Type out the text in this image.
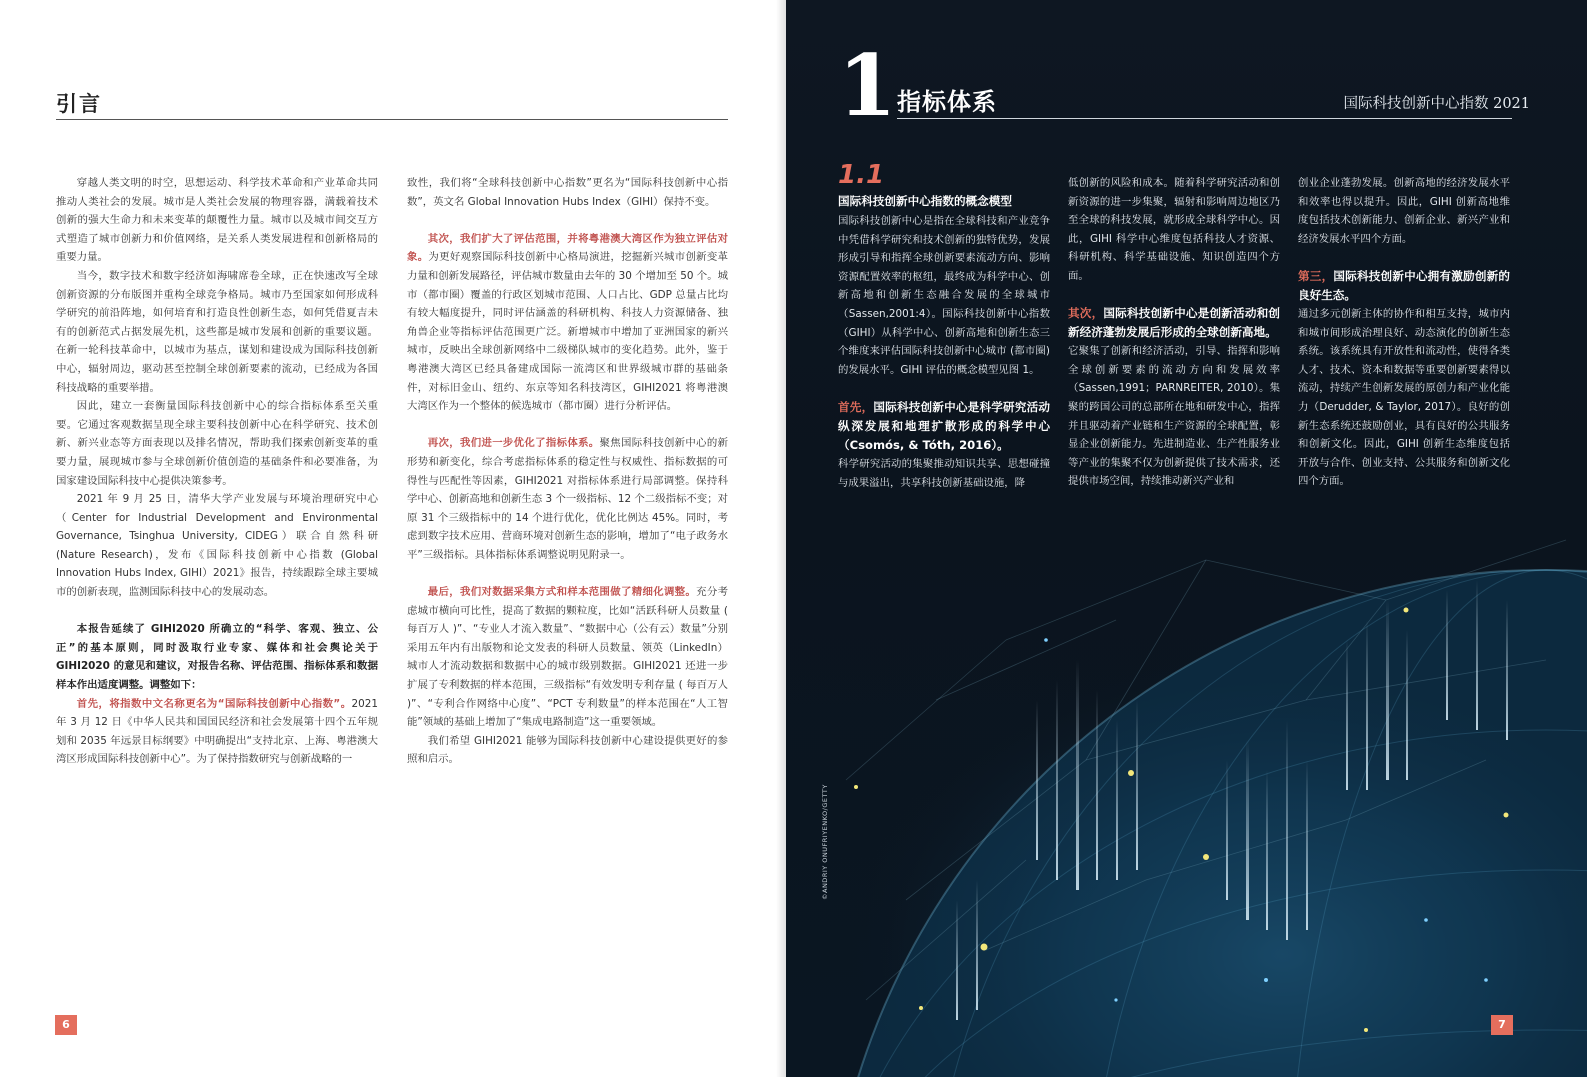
引言

穿越人类文明的时空，思想运动、科学技术革命和产业革命共同推动人类社会的发展。城市是人类社会发展的物理容器，满载着技术创新的强大生命力和未来变革的颠覆性力量。城市以及城市间交互方式塑造了城市创新力和价值网络，是关系人类发展进程和创新格局的重要力量。

当今，数字技术和数字经济如海啸席卷全球，正在快速改写全球创新资源的分布版图并重构全球竞争格局。城市乃至国家如何形成科学研究的前沿阵地，如何培育和打造良性创新生态，如何凭借夏吉未有的创新范式占据发展先机，这些都是城市发展和创新的重要议题。在新一轮科技革命中，以城市为基点，谋划和建设成为国际科技创新中心，辐射周边，驱动甚至控制全球创新要素的流动，已经成为各国科技战略的重要举措。

因此，建立一套衡量国际科技创新中心的综合指标体系至关重要。它通过客观数据呈现全球主要科技创新中心在科学研究、技术创新、新兴业态等方面表现以及排名情况，帮助我们探索创新变革的重要力量，展现城市参与全球创新价值创造的基础条件和必要准备，为国家建设国际科技中心提供决策参考。

2021 年 9 月 25 日，清华大学产业发展与环境治理研究中心（Center for Industrial Development and Environmental Governance, Tsinghua University, CIDEG）联合自然科研 (Nature Research)，发布《国际科技创新中心指数 (Global Innovation Hubs Index, GIHI）2021》报告，持续跟踪全球主要城市的创新表现，监测国际科技中心的发展动态。

本报告延续了 GIHI2020 所确立的“科学、客观、独立、公正”的基本原则，同时汲取行业专家、媒体和社会舆论关于 GIHI2020 的意见和建议，对报告名称、评估范围、指标体系和数据样本作出适度调整。调整如下：

首先，将指数中文名称更名为“国际科技创新中心指数”。2021 年 3 月 12 日《中华人民共和国国民经济和社会发展第十四个五年规划和 2035 年远景目标纲要》中明确提出“支持北京、上海、粤港澳大湾区形成国际科技创新中心”。为了保持指数研究与创新战略的一

致性，我们将“全球科技创新中心指数”更名为“国际科技创新中心指数”，英文名 Global Innovation Hubs Index（GIHI）保持不变。

其次，我们扩大了评估范围，并将粤港澳大湾区作为独立评估对象。为更好观察国际科技创新中心格局演进，挖掘新兴城市创新变革力量和创新发展路径，评估城市数量由去年的 30 个增加至 50 个。城市（都市圈）覆盖的行政区划城市范围、人口占比、GDP 总量占比均有较大幅度提升，同时评估涵盖的科研机构、科技人力资源储备、独角兽企业等指标评估范围更广泛。新增城市中增加了亚洲国家的新兴城市，反映出全球创新网络中二级梯队城市的变化趋势。此外，鉴于粤港澳大湾区已经具备建成国际一流湾区和世界级城市群的基础条件，对标旧金山、纽约、东京等知名科技湾区，GIHI2021 将粤港澳大湾区作为一个整体的候选城市（都市圈）进行分析评估。

再次，我们进一步优化了指标体系。聚焦国际科技创新中心的新形势和新变化，综合考虑指标体系的稳定性与权威性、指标数据的可得性与匹配性等因素，GIHI2021 对指标体系进行局部调整。保持科学中心、创新高地和创新生态 3 个一级指标、12 个二级指标不变；对原 31 个三级指标中的 14 个进行优化，优化比例达 45%。同时，考虑到数字技术应用、营商环境对创新生态的影响，增加了“电子政务水平”三级指标。具体指标体系调整说明见附录一。

最后，我们对数据采集方式和样本范围做了精细化调整。充分考虑城市横向可比性，提高了数据的颗粒度，比如“活跃科研人员数量 ( 每百万人 )”、“专业人才流入数量”、“数据中心（公有云）数量”分别采用五年内有出版物和论文发表的科研人员数量、领英（LinkedIn）城市人才流动数据和数据中心的城市级别数据。GIHI2021 还进一步扩展了专利数据的样本范围，三级指标“有效发明专利存量 ( 每百万人 )”、“专利合作网络中心度”、“PCT 专利数量”的样本范围在“人工智能”领域的基础上增加了“集成电路制造”这一重要领域。

我们希望 GIHI2021 能够为国际科技创新中心建设提供更好的参照和启示。

6
1 指标体系	国际科技创新中心指数 2021
1.1
国际科技创新中心指数的概念模型

国际科技创新中心是指在全球科技和产业竞争中凭借科学研究和技术创新的独特优势，发展形成引导和指挥全球创新要素流动方向、影响资源配置效率的枢纽，最终成为科学中心、创新高地和创新生态融合发展的全球城市（Sassen,2001:4）。国际科技创新中心指数（GIHI）从科学中心、创新高地和创新生态三个维度来评估国际科技创新中心城市 (都市圈) 的发展水平。GIHI 评估的概念模型见图 1。

首先，国际科技创新中心是科学研究活动纵深发展和地理扩散形成的科学中心（Csomós, & Tóth, 2016）。

科学研究活动的集聚推动知识共享、思想碰撞与成果溢出，共享科技创新基础设施，降

低创新的风险和成本。随着科学研究活动和创新资源的进一步集聚，辐射和影响周边地区乃至全球的科技发展，就形成全球科学中心。因此，GIHI 科学中心维度包括科技人才资源、科研机构、科学基础设施、知识创造四个方面。

其次，国际科技创新中心是创新活动和创新经济蓬勃发展后形成的全球创新高地。

它聚集了创新和经济活动，引导、指挥和影响全球创新要素的流动方向和发展效率（Sassen,1991；PARNREITER, 2010）。集聚的跨国公司的总部所在地和研发中心，指挥并且驱动着产业链和生产资源的全球配置，彰显企业创新能力。先进制造业、生产性服务业等产业的集聚不仅为创新提供了技术需求，还提供市场空间，持续推动新兴产业和

创业企业蓬勃发展。创新高地的经济发展水平和效率也得以提升。因此，GIHI 创新高地维度包括技术创新能力、创新企业、新兴产业和经济发展水平四个方面。

第三，国际科技创新中心拥有激励创新的良好生态。

通过多元创新主体的协作和相互支持，城市内和城市间形成治理良好、动态演化的创新生态系统。该系统具有开放性和流动性，使得各类人才、技术、资本和数据等重要创新要素得以流动，持续产生创新发展的原创力和产业化能力（Derudder, & Taylor, 2017）。良好的创新生态系统还鼓励创业，具有良好的公共服务和创新文化。因此，GIHI 创新生态维度包括开放与合作、创业支持、公共服务和创新文化四个方面。

©ANDRIY ONUFRIYENKO/GETTY
7
